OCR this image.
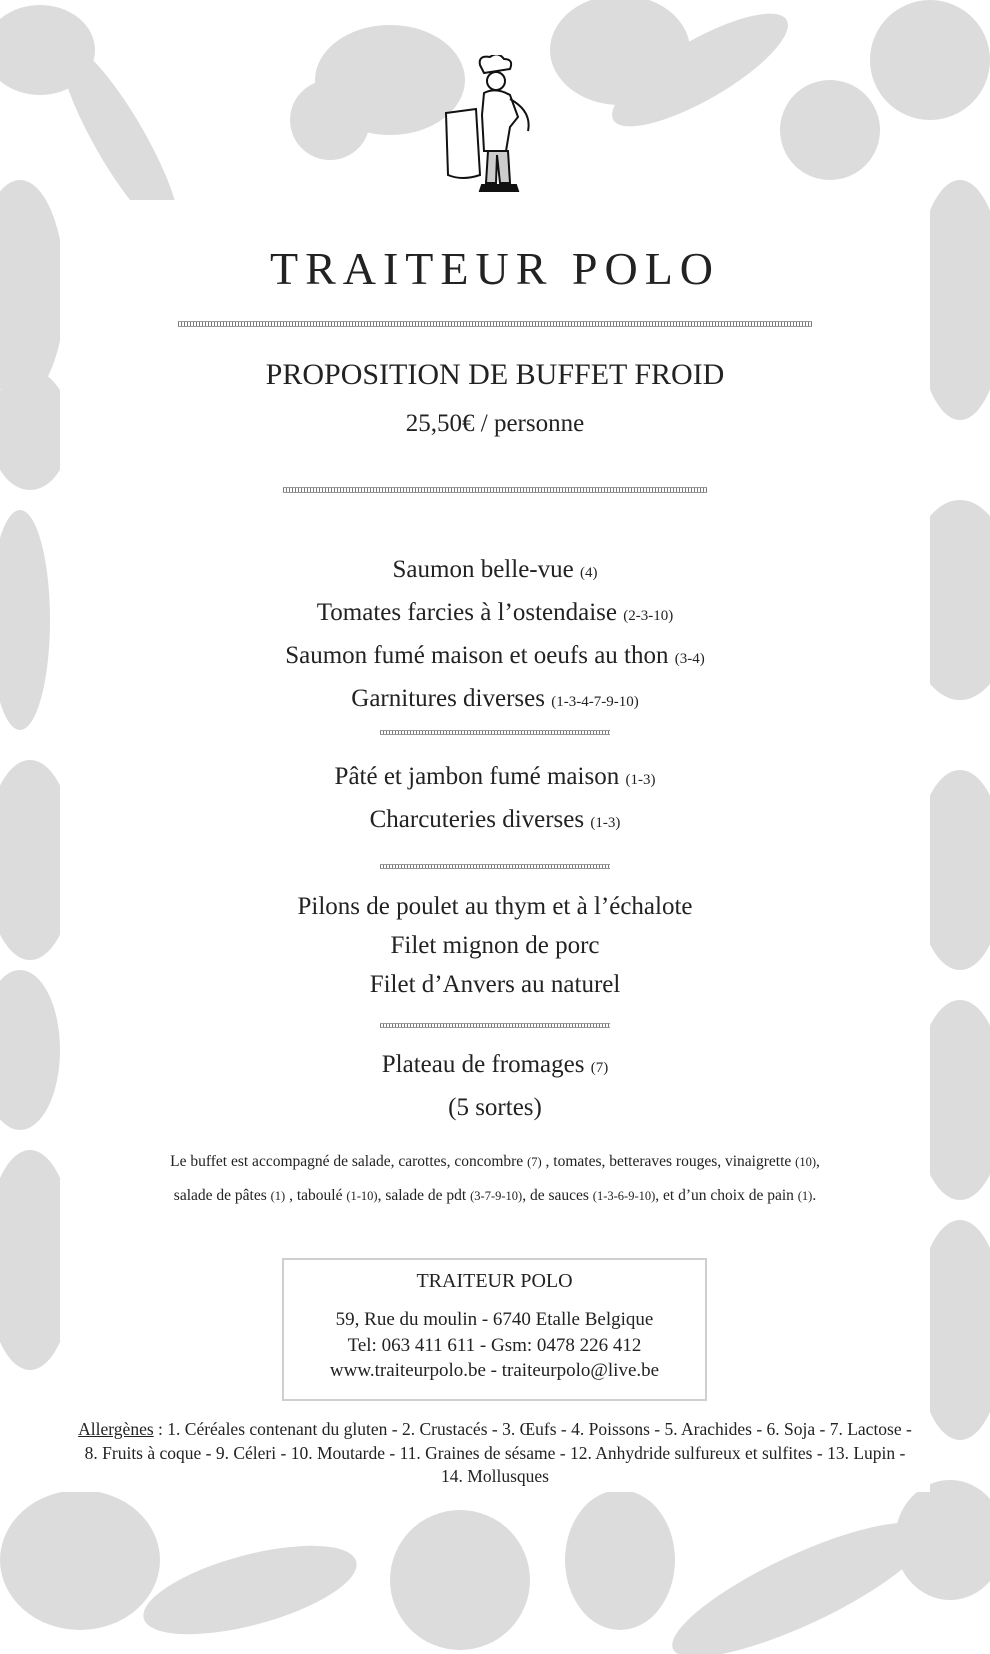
TRAITEUR POLO
PROPOSITION DE BUFFET FROID
25,50€ / personne
Saumon belle-vue (4)
Tomates farcies à l’ostendaise (2-3-10)
Saumon fumé maison et oeufs au thon (3-4)
Garnitures diverses (1-3-4-7-9-10)
Pâté et jambon fumé maison (1-3)
Charcuteries diverses (1-3)
Pilons de poulet au thym et à l’échalote
Filet mignon de porc
Filet d’Anvers au naturel
Plateau de fromages (7)
(5 sortes)
Le buffet est accompagné de salade, carottes, concombre (7) , tomates, betteraves rouges, vinaigrette (10),
salade de pâtes (1) , taboulé (1-10), salade de pdt (3-7-9-10), de sauces (1-3-6-9-10), et d’un choix de pain (1).
TRAITEUR POLO
59, Rue du moulin - 6740 Etalle Belgique
Tel: 063 411 611 - Gsm: 0478 226 412
www.traiteurpolo.be - traiteurpolo@live.be
Allergènes : 1. Céréales contenant du gluten - 2. Crustacés - 3. Œufs - 4. Poissons - 5. Arachides - 6. Soja - 7. Lactose - 8. Fruits à coque - 9. Céleri - 10. Moutarde - 11. Graines de sésame - 12. Anhydride sulfureux et sulfites - 13. Lupin - 14. Mollusques
